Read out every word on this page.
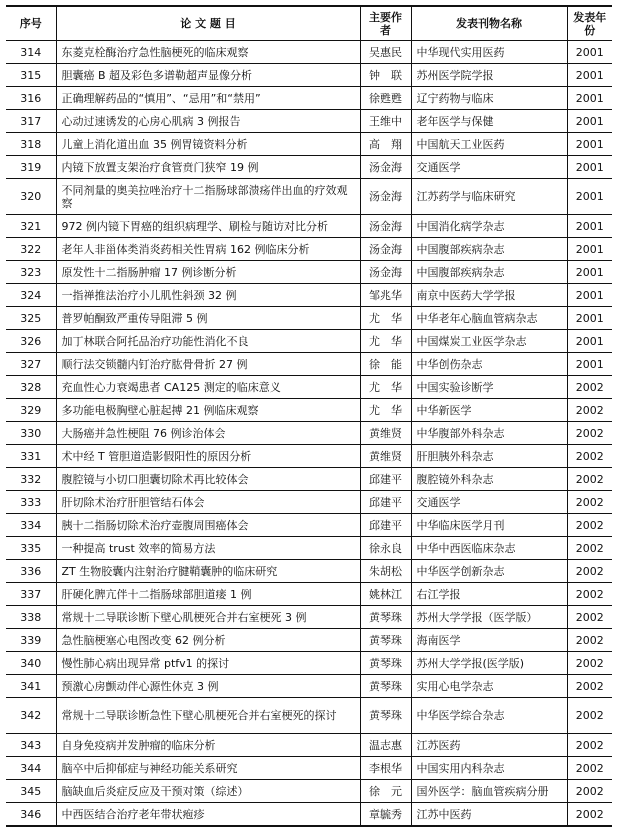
序号	论 文 题 目	主要作者	发表刊物名称	发表年份
314	东菱克栓酶治疗急性脑梗死的临床观察	吴惠民	中华现代实用医药	2001
315	胆囊癌 B 超及彩色多谱勒超声显像分析	钟　联	苏州医学院学报	2001
316	正确理解药品的“慎用”、“忌用”和“禁用”	徐甦甦	辽宁药物与临床	2001
317	心动过速诱发的心房心肌病 3 例报告	王维中	老年医学与保健	2001
318	儿童上消化道出血 35 例胃镜资料分析	高　翔	中国航天工业医药	2001
319	内镜下放置支架治疗食管贲门狭窄 19 例	汤金海	交通医学	2001
320	不同剂量的奥美拉唑治疗十二指肠球部溃疡伴出血的疗效观察	汤金海	江苏药学与临床研究	2001
321	972 例内镜下胃癌的组织病理学、刷检与随访对比分析	汤金海	中国消化病学杂志	2001
322	老年人非甾体类消炎药相关性胃病 162 例临床分析	汤金海	中国腹部疾病杂志	2001
323	原发性十二指肠肿瘤 17 例诊断分析	汤金海	中国腹部疾病杂志	2001
324	一指禅推法治疗小儿肌性斜颈 32 例	邹兆华	南京中医药大学学报	2001
325	普罗帕酮致严重传导阻滞 5 例	尤　华	中华老年心脑血管病杂志	2001
326	加丁林联合阿托品治疗功能性消化不良	尤　华	中国煤炭工业医学杂志	2001
327	顺行法交锁髓内钉治疗肱骨骨折 27 例	徐　能	中华创伤杂志	2001
328	充血性心力衰竭患者 CA125 测定的临床意义	尤　华	中国实验诊断学	2002
329	多功能电极胸壁心脏起搏 21 例临床观察	尤　华	中华新医学	2002
330	大肠癌并急性梗阻 76 例诊治体会	黄维贤	中华腹部外科杂志	2002
331	术中经 T 管胆道造影假阳性的原因分析	黄维贤	肝胆胰外科杂志	2002
332	腹腔镜与小切口胆囊切除术再比较体会	邱建平	腹腔镜外科杂志	2002
333	肝切除术治疗肝胆管结石体会	邱建平	交通医学	2002
334	胰十二指肠切除术治疗壶腹周围癌体会	邱建平	中华临床医学月刊	2002
335	一种提高 trust 效率的简易方法	徐永良	中华中西医临床杂志	2002
336	ZT 生物胶囊内注射治疗腱鞘囊肿的临床研究	朱胡松	中华医学创新杂志	2002
337	肝硬化脾亢伴十二指肠球部胆道瘘 1 例	姚林江	右江学报	2002
338	常规十二导联诊断下壁心肌梗死合并右室梗死 3 例	黄琴珠	苏州大学学报（医学版）	2002
339	急性脑梗塞心电图改变 62 例分析	黄琴珠	海南医学	2002
340	慢性肺心病出现异常 ptfv1 的探讨	黄琴珠	苏州大学学报(医学版)	2002
341	预激心房颤动伴心源性休克 3 例	黄琴珠	实用心电学杂志	2002
342	常规十二导联诊断急性下壁心肌梗死合并右室梗死的探讨	黄琴珠	中华医学综合杂志	2002
343	自身免疫病并发肿瘤的临床分析	温志惠	江苏医药	2002
344	脑卒中后抑郁症与神经功能关系研究	李根华	中国实用内科杂志	2002
345	脑缺血后炎症反应及干预对策（综述）	徐　元	国外医学：脑血管疾病分册	2002
346	中西医结合治疗老年带状疱疹	章毓秀	江苏中医药	2002
